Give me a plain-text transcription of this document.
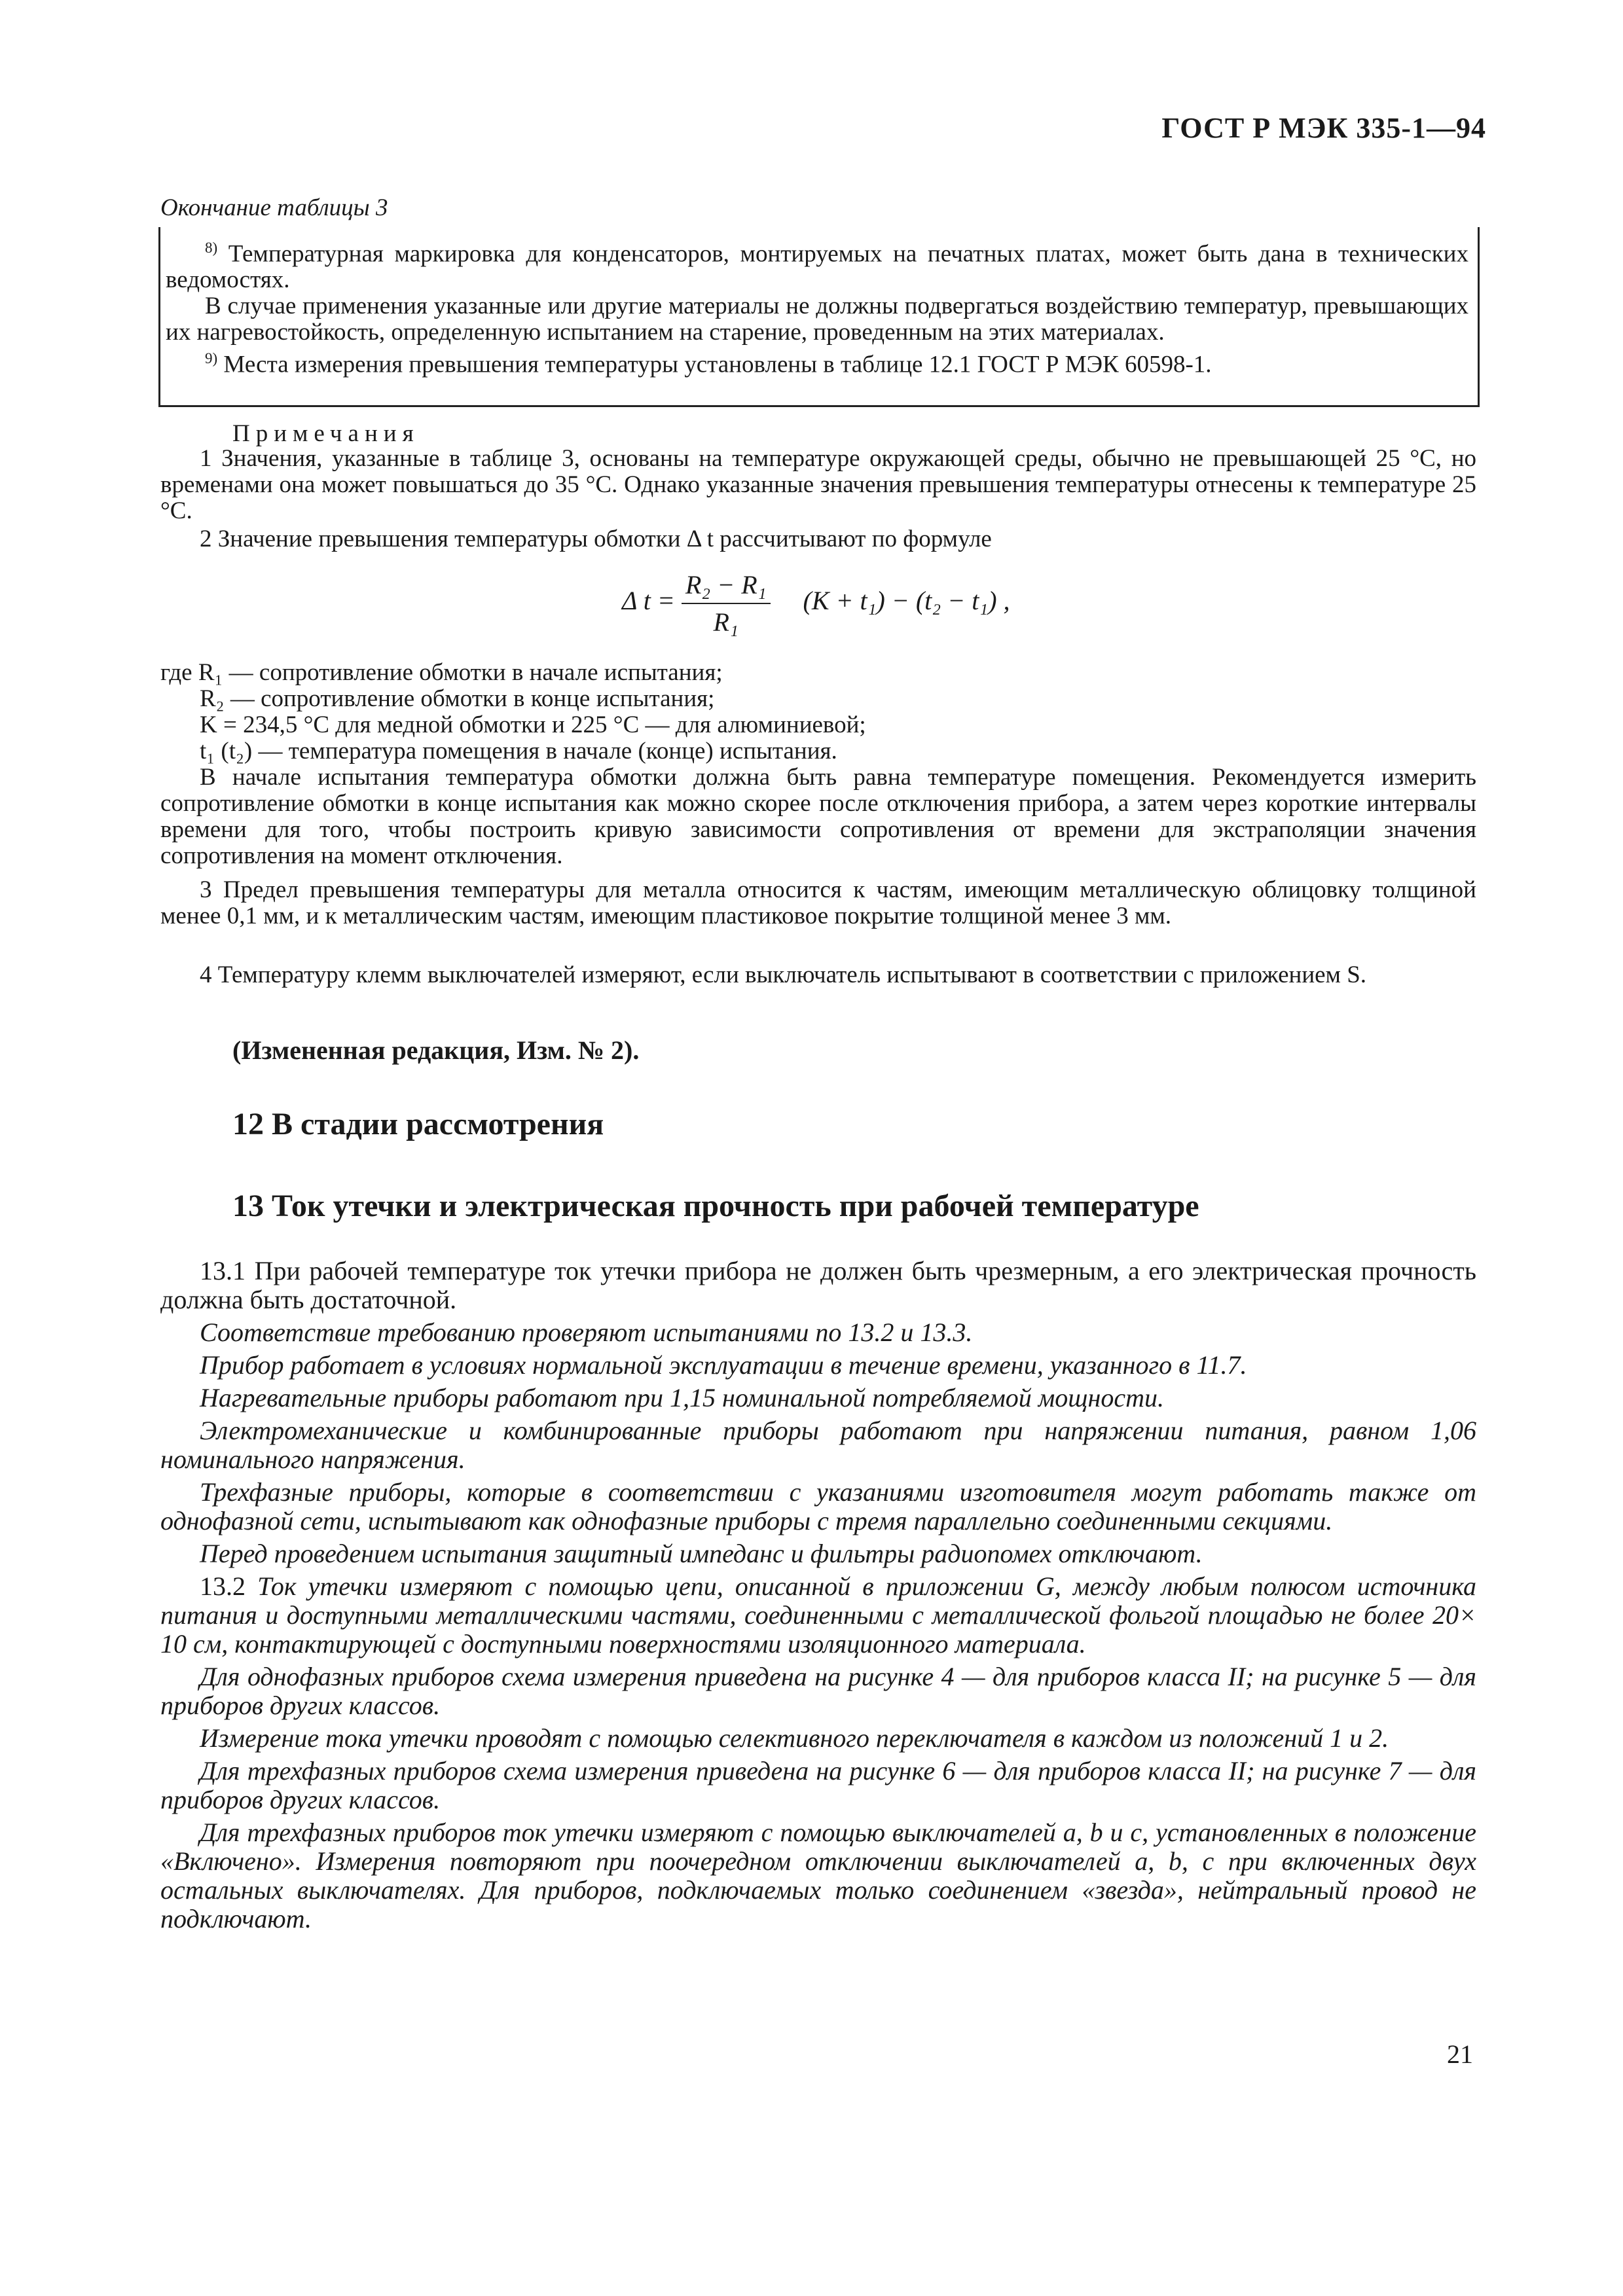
ГОСТ Р МЭК 335-1—94
Окончание таблицы 3
$^{8)}$ Температурная маркировка для конденсаторов, монтируемых на печатных платах, может быть дана в технических ведомостях.
В случае применения указанные или другие материалы не должны подвергаться воздействию температур, превышающих их нагревостойкость, определенную испытанием на старение, проведенным на этих материалах.
$^{9)}$ Места измерения превышения температуры установлены в таблице 12.1 ГОСТ Р МЭК 60598-1.
Примечания
1 Значения, указанные в таблице 3, основаны на температуре окружающей среды, обычно не превышающей 25 °С, но временами она может повышаться до 35 °С. Однако указанные значения превышения температуры отнесены к температуре 25 °С.
2 Значение превышения температуры обмотки Δ t рассчитывают по формуле
Δ $t = \frac{\text{R₂ − R₁}}{\text{R₁}} (K + t_1) - (t_2 - t_1)$ ,
где R₁ — сопротивление обмотки в начале испытания;
R₂ — сопротивление обмотки в конце испытания;
K = 234,5 °С для медной обмотки и 225 °С — для алюминиевой;
t₁ (t₂) — температура помещения в начале (конце) испытания.
В начале испытания температура обмотки должна быть равна температуре помещения. Рекомендуется измерить сопротивление обмотки в конце испытания как можно скорее после отключения прибора, а затем через короткие интервалы времени для того, чтобы построить кривую зависимости сопротивления от времени для экстраполяции значения сопротивления на момент отключения.
3 Предел превышения температуры для металла относится к частям, имеющим металлическую облицовку толщиной менее 0,1 мм, и к металлическим частям, имеющим пластиковое покрытие толщиной менее 3 мм.
4 Температуру клемм выключателей измеряют, если выключатель испытывают в соответствии с приложением S.
(Измененная редакция, Изм. № 2).
12 В стадии рассмотрения
13 Ток утечки и электрическая прочность при рабочей температуре
13.1 При рабочей температуре ток утечки прибора не должен быть чрезмерным, а его электрическая прочность должна быть достаточной.
Соответствие требованию проверяют испытаниями по 13.2 и 13.3.
Прибор работает в условиях нормальной эксплуатации в течение времени, указанного в 11.7.
Нагревательные приборы работают при 1,15 номинальной потребляемой мощности.
Электромеханические и комбинированные приборы работают при напряжении питания, равном 1,06 номинального напряжения.
Трехфазные приборы, которые в соответствии с указаниями изготовителя могут работать также от однофазной сети, испытывают как однофазные приборы с тремя параллельно соединенными секциями.
Перед проведением испытания защитный импеданс и фильтры радиопомех отключают.
13.2 Ток утечки измеряют с помощью цепи, описанной в приложении G, между любым полюсом источника питания и доступными металлическими частями, соединенными с металлической фольгой площадью не более 20× 10 см, контактирующей с доступными поверхностями изоляционного материала.
Для однофазных приборов схема измерения приведена на рисунке 4 — для приборов класса II; на рисунке 5 — для приборов других классов.
Измерение тока утечки проводят с помощью селективного переключателя в каждом из положений 1 и 2.
Для трехфазных приборов схема измерения приведена на рисунке 6 — для приборов класса II; на рисунке 7 — для приборов других классов.
Для трехфазных приборов ток утечки измеряют с помощью выключателей a, b и c, установленных в положение «Включено». Измерения повторяют при поочередном отключении выключателей a, b, c при включенных двух остальных выключателях. Для приборов, подключаемых только соединением «звезда», нейтральный провод не подключают.
21
